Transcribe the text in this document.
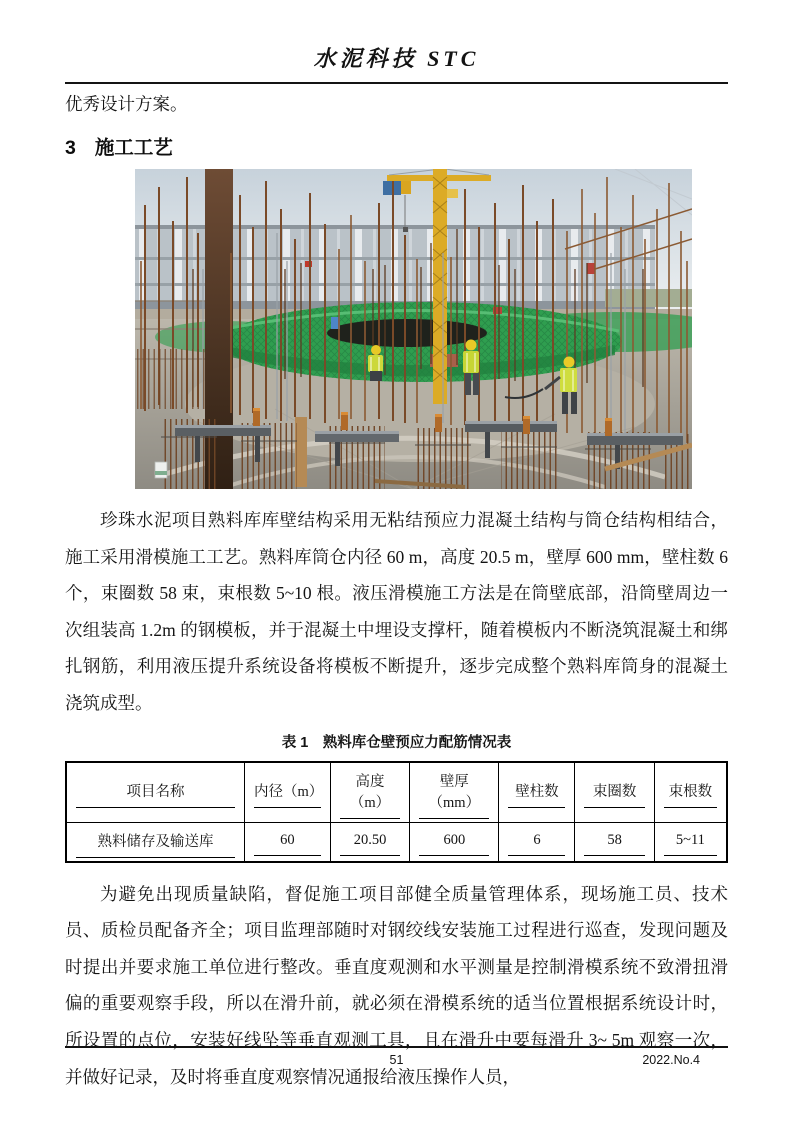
水泥科技 STC

优秀设计方案。

3 施工工艺

珍珠水泥项目熟料库库壁结构采用无粘结预应力混凝土结构与筒仓结构相结合，施工采用滑模施工工艺。熟料库筒仓内径 60 m，高度 20.5 m，壁厚 600 mm，壁柱数 6 个，束圈数 58 束，束根数 5~10 根。液压滑模施工方法是在筒壁底部，沿筒壁周边一次组装高 1.2m 的钢模板，并于混凝土中埋设支撑杆，随着模板内不断浇筑混凝土和绑扎钢筋，利用液压提升系统设备将模板不断提升，逐步完成整个熟料库筒身的混凝土浇筑成型。

表 1　熟料库仓壁预应力配筋情况表
项目名称	内径（m）	高度（m）	壁厚（mm）	壁柱数	束圈数	束根数
熟料储存及输送库	60	20.50	600	6	58	5~11

为避免出现质量缺陷，督促施工项目部健全质量管理体系，现场施工员、技术员、质检员配备齐全；项目监理部随时对钢绞线安装施工过程进行巡查，发现问题及时提出并要求施工单位进行整改。垂直度观测和水平测量是控制滑模系统不致滑扭滑偏的重要观察手段，所以在滑升前，就必须在滑模系统的适当位置根据系统设计时，所设置的点位，安装好线坠等垂直观测工具，且在滑升中要每滑升 3~ 5m 观察一次，并做好记录，及时将垂直度观察情况通报给液压操作人员，

51	2022.No.4
